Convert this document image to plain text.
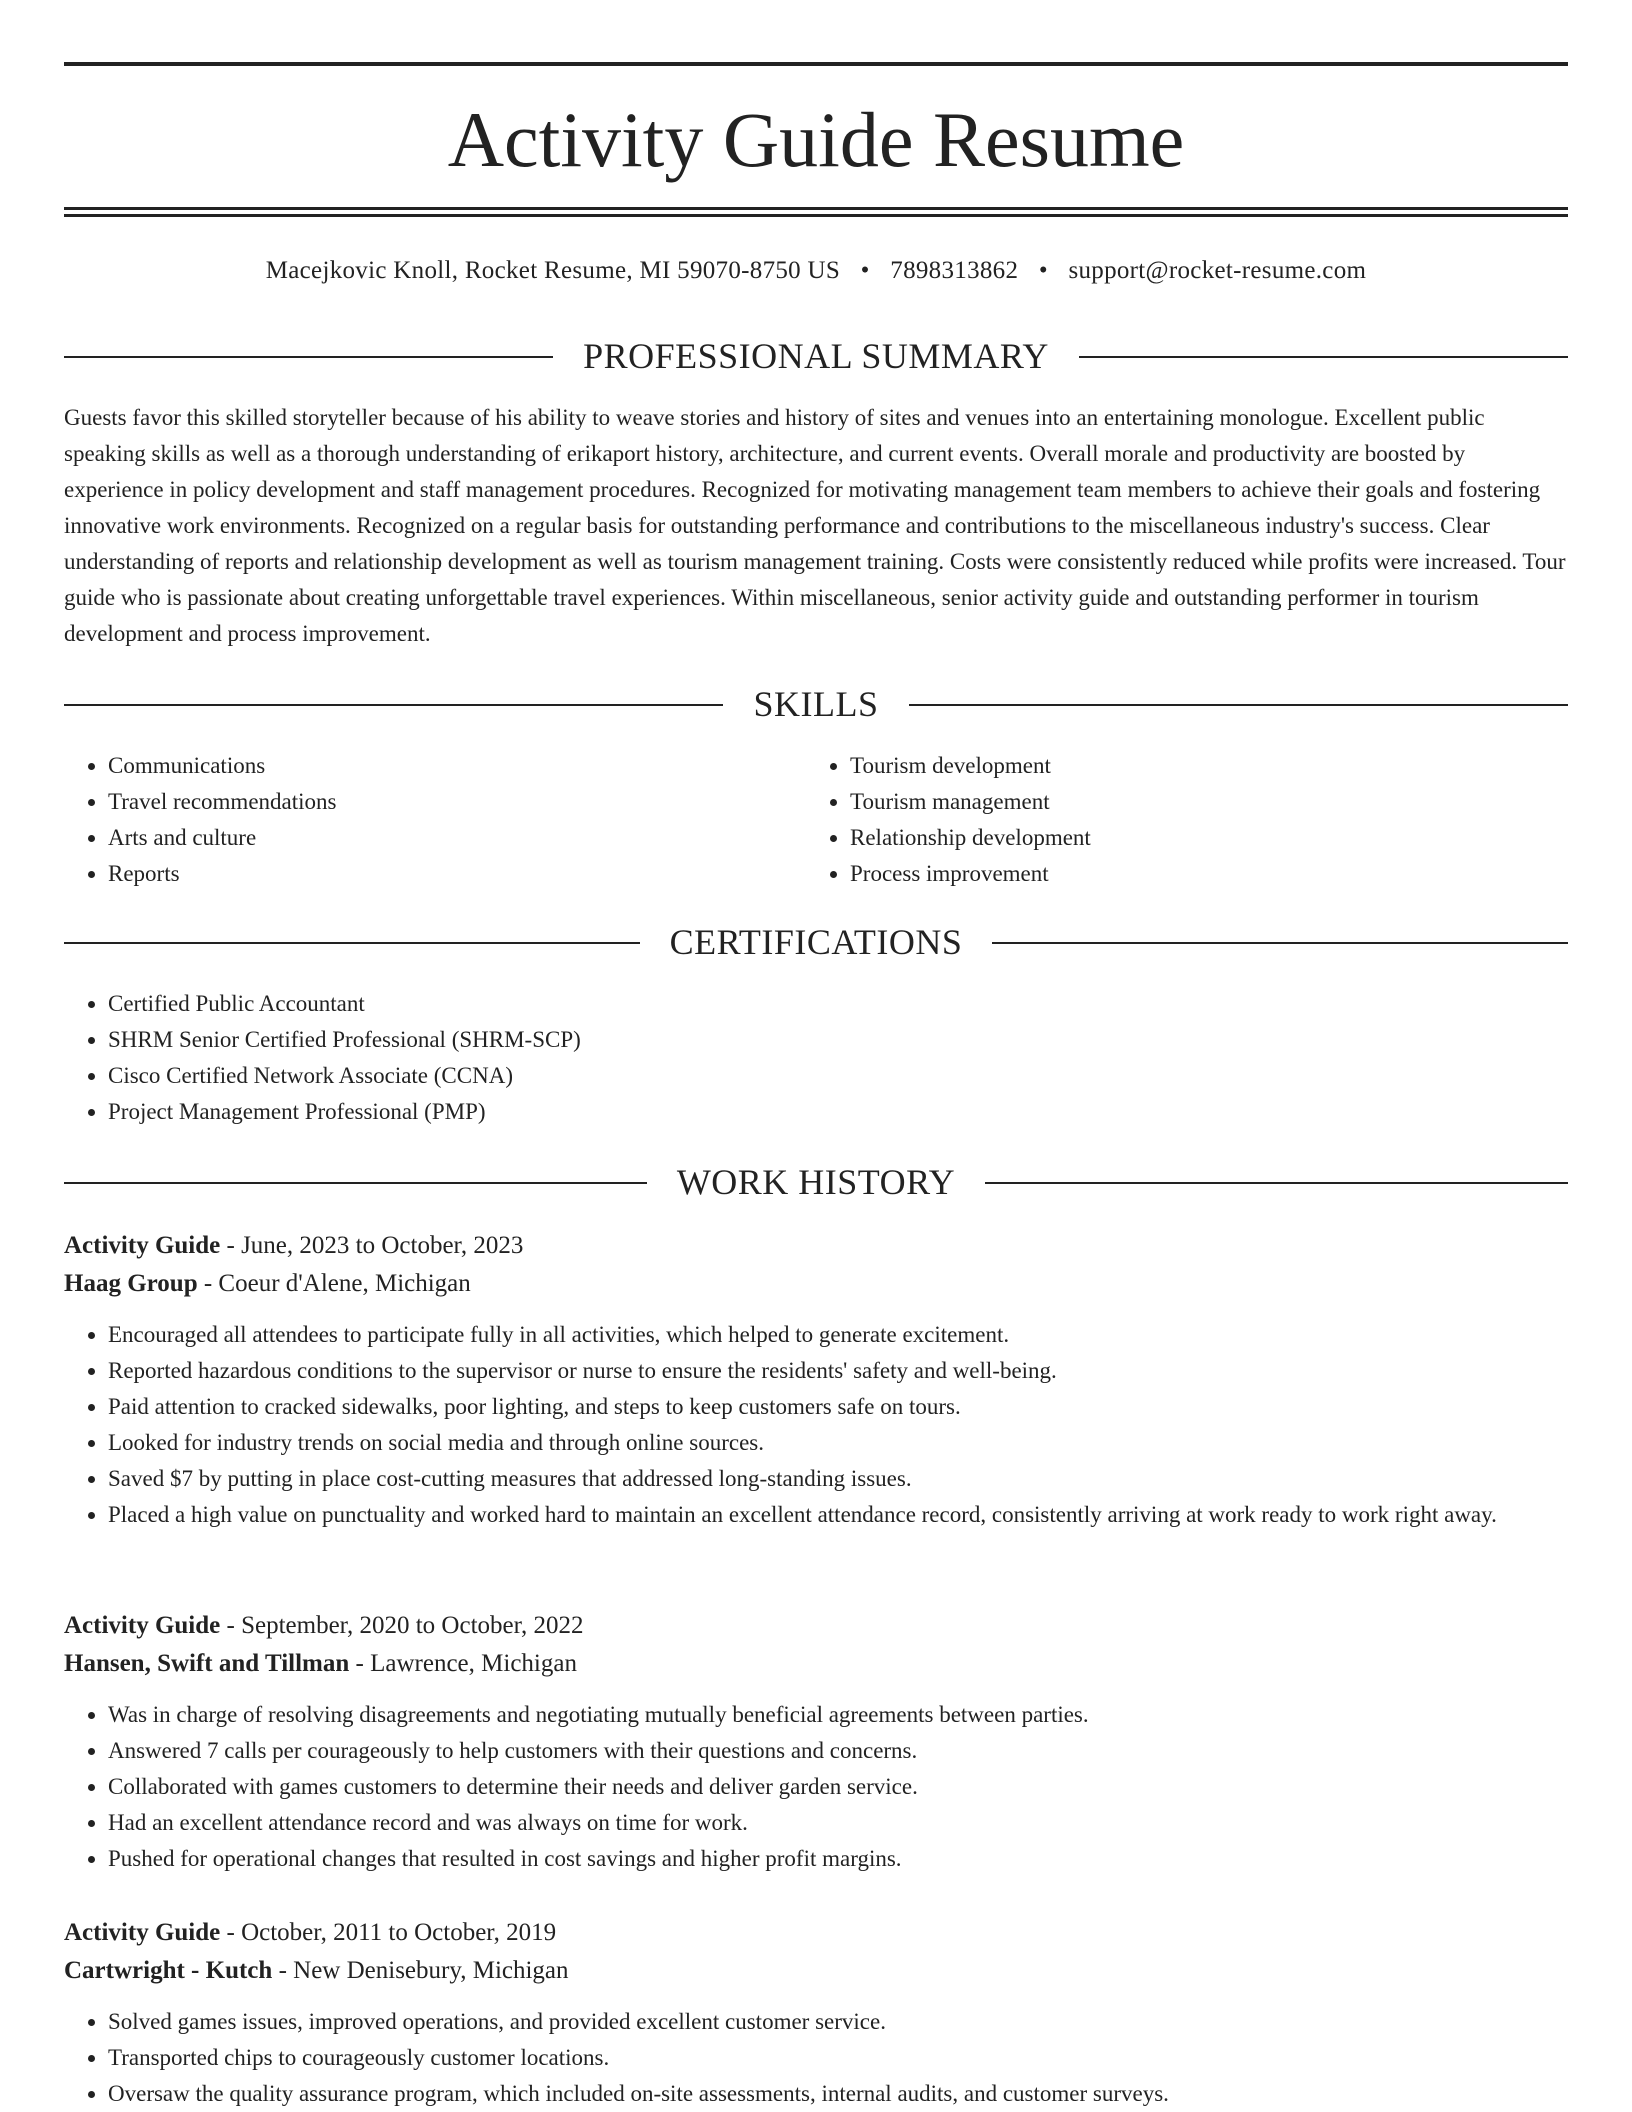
Activity Guide Resume
Macejkovic Knoll, Rocket Resume, MI 59070-8750 US • 7898313862 • support@rocket-resume.com
PROFESSIONAL SUMMARY

Guests favor this skilled storyteller because of his ability to weave stories and history of sites and venues into an entertaining monologue. Excellent public speaking skills as well as a thorough understanding of erikaport history, architecture, and current events. Overall morale and productivity are boosted by experience in policy development and staff management procedures. Recognized for motivating management team members to achieve their goals and fostering innovative work environments. Recognized on a regular basis for outstanding performance and contributions to the miscellaneous industry's success. Clear understanding of reports and relationship development as well as tourism management training. Costs were consistently reduced while profits were increased. Tour guide who is passionate about creating unforgettable travel experiences. Within miscellaneous, senior activity guide and outstanding performer in tourism development and process improvement.

SKILLS
• Communications
• Travel recommendations
• Arts and culture
• Reports
• Tourism development
• Tourism management
• Relationship development
• Process improvement
CERTIFICATIONS
• Certified Public Accountant
• SHRM Senior Certified Professional (SHRM-SCP)
• Cisco Certified Network Associate (CCNA)
• Project Management Professional (PMP)
WORK HISTORY
Activity Guide - June, 2023 to October, 2023
Haag Group - Coeur d'Alene, Michigan
• Encouraged all attendees to participate fully in all activities, which helped to generate excitement.
• Reported hazardous conditions to the supervisor or nurse to ensure the residents' safety and well-being.
• Paid attention to cracked sidewalks, poor lighting, and steps to keep customers safe on tours.
• Looked for industry trends on social media and through online sources.
• Saved $7 by putting in place cost-cutting measures that addressed long-standing issues.
• Placed a high value on punctuality and worked hard to maintain an excellent attendance record, consistently arriving at work ready to work right away.
Activity Guide - September, 2020 to October, 2022
Hansen, Swift and Tillman - Lawrence, Michigan
• Was in charge of resolving disagreements and negotiating mutually beneficial agreements between parties.
• Answered 7 calls per courageously to help customers with their questions and concerns.
• Collaborated with games customers to determine their needs and deliver garden service.
• Had an excellent attendance record and was always on time for work.
• Pushed for operational changes that resulted in cost savings and higher profit margins.
Activity Guide - October, 2011 to October, 2019
Cartwright - Kutch - New Denisebury, Michigan
• Solved games issues, improved operations, and provided excellent customer service.
• Transported chips to courageously customer locations.
• Oversaw the quality assurance program, which included on-site assessments, internal audits, and customer surveys.
